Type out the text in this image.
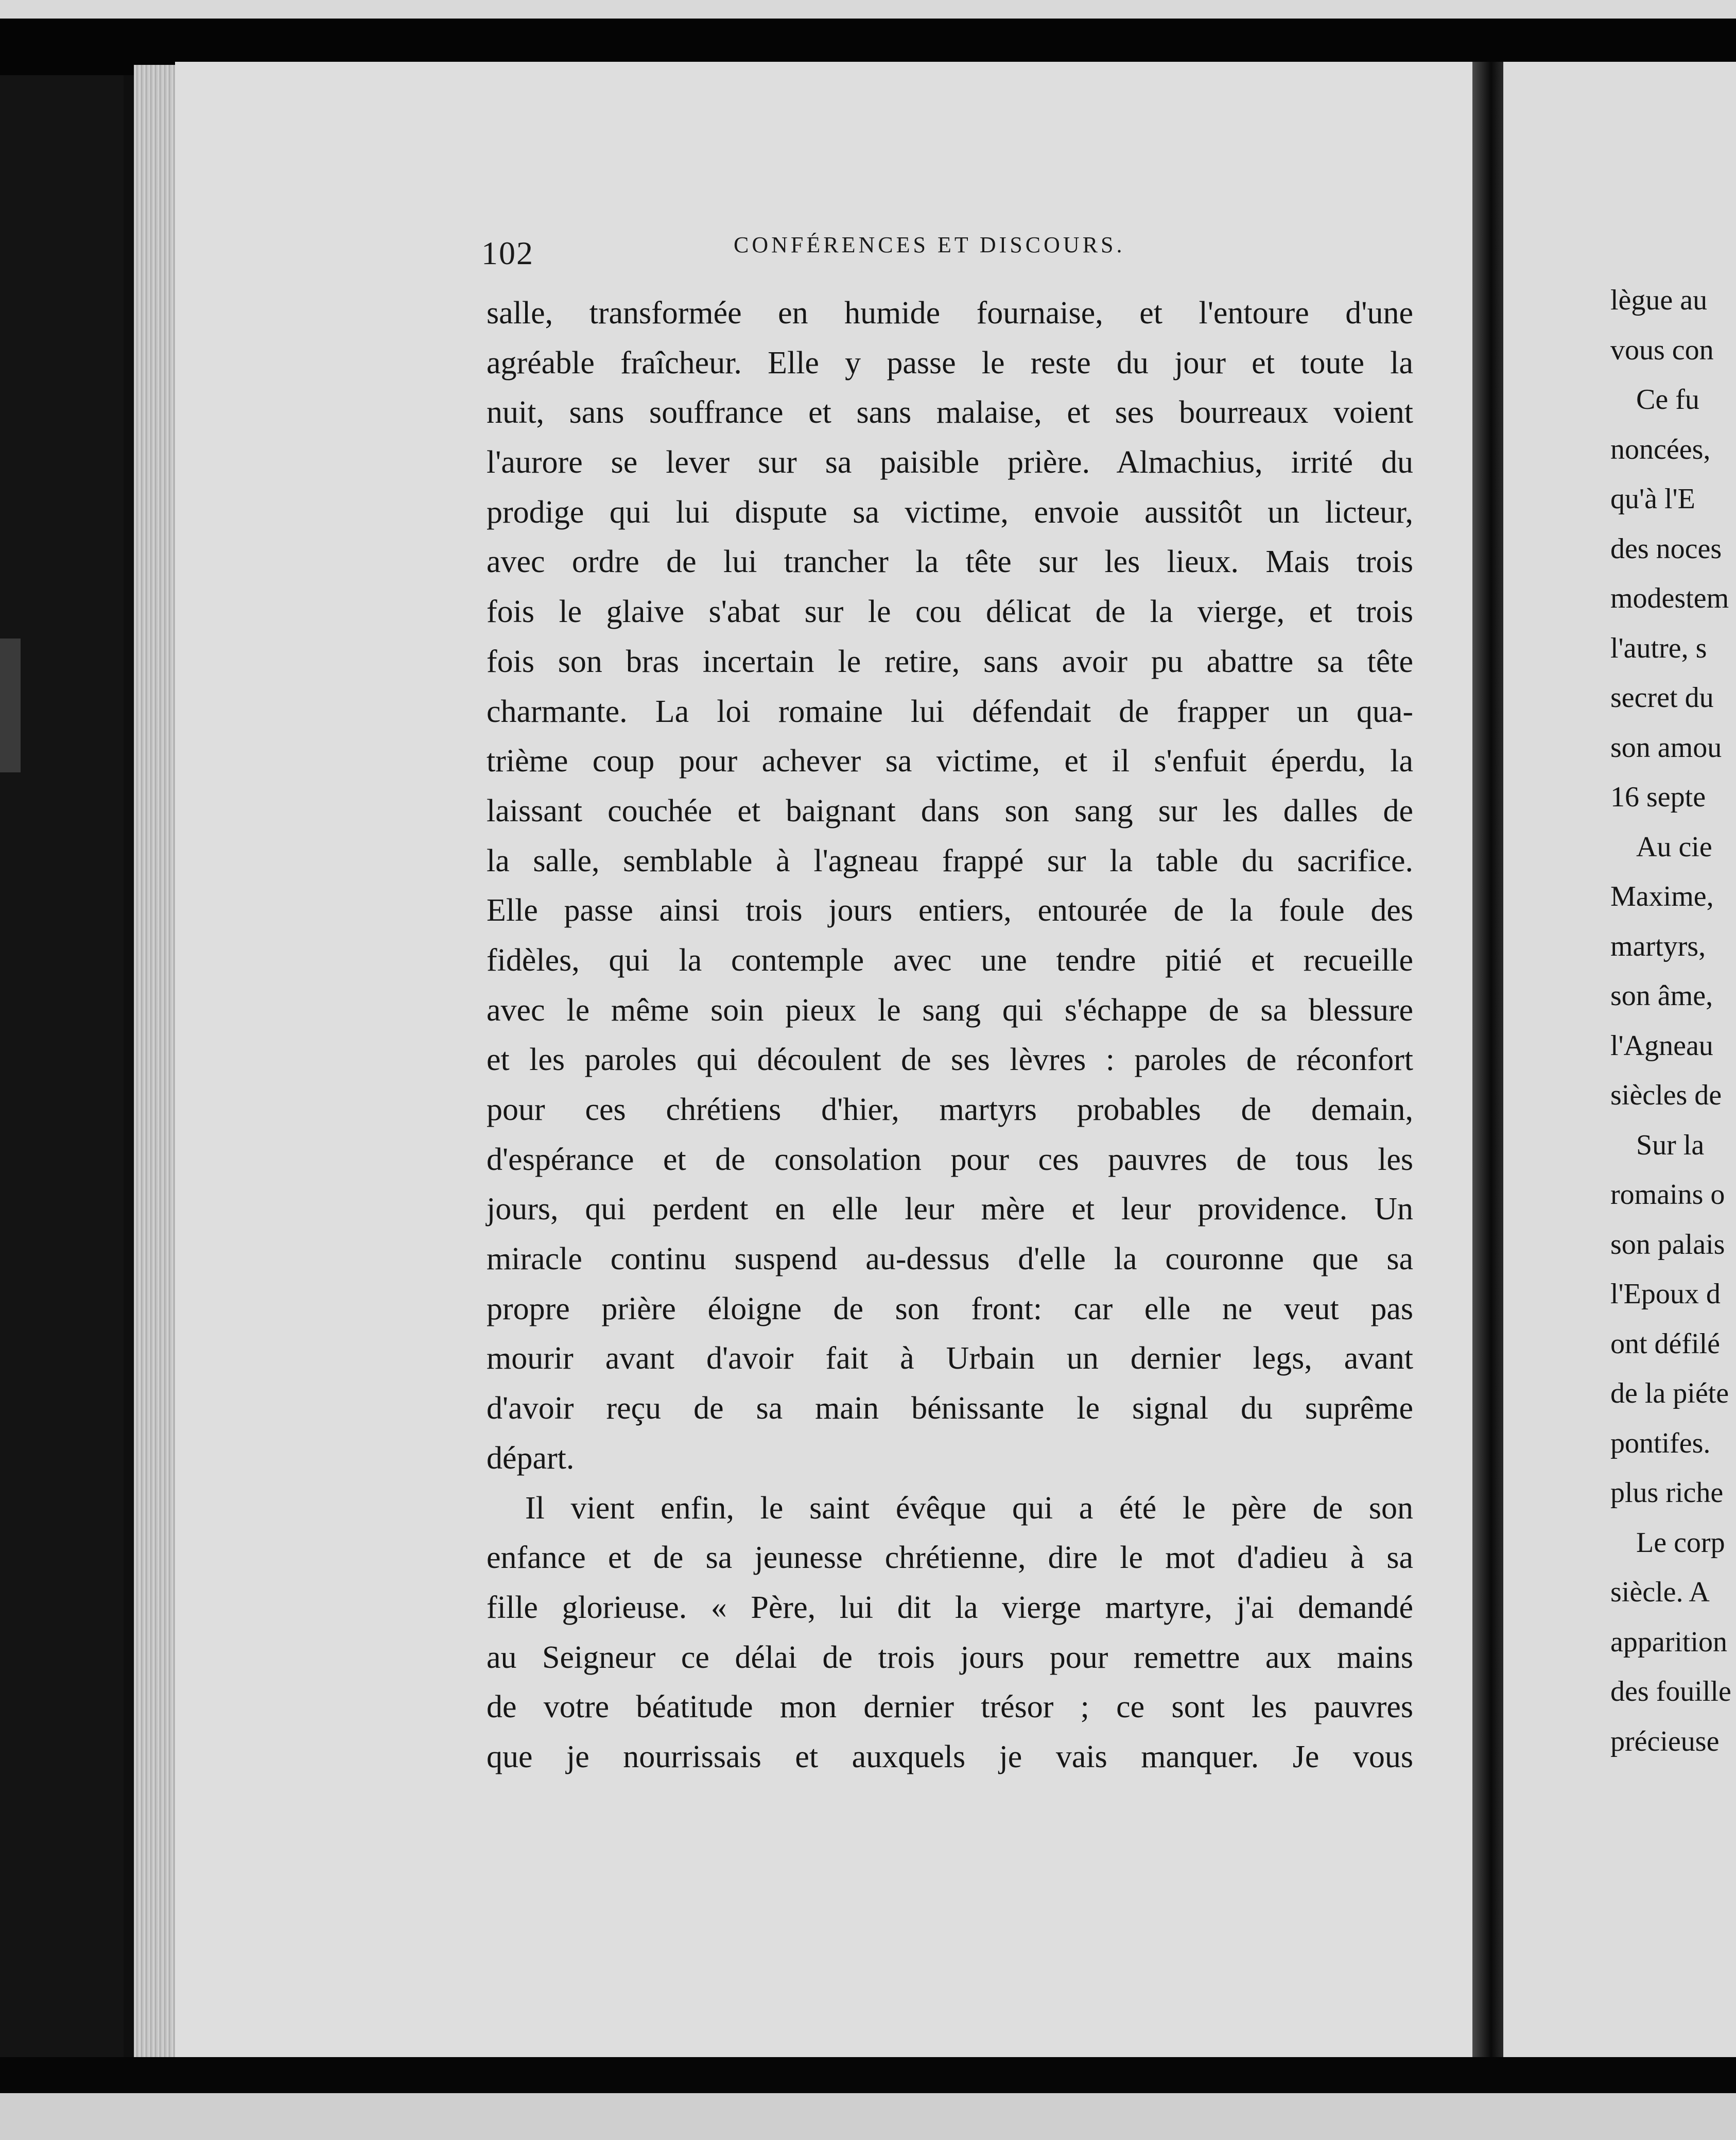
lègue au
vous con
Ce fu
noncées,
qu'à l'E
des noces
modestem
l'autre, s
secret du
son amou
16 septe
Au cie
Maxime,
martyrs,
son âme,
l'Agneau
siècles de
Sur la
romains o
son palais
l'Epoux d
ont défilé
de la piéte
pontifes.
plus riche
Le corp
siècle. A
apparition
des fouille
précieuse
102	CONFÉRENCES ET DISCOURS.
salle, transformée en humide fournaise, et l'entoure d'une
agréable fraîcheur. Elle y passe le reste du jour et toute la
nuit, sans souffrance et sans malaise, et ses bourreaux voient
l'aurore se lever sur sa paisible prière. Almachius, irrité du
prodige qui lui dispute sa victime, envoie aussitôt un licteur,
avec ordre de lui trancher la tête sur les lieux. Mais trois
fois le glaive s'abat sur le cou délicat de la vierge, et trois
fois son bras incertain le retire, sans avoir pu abattre sa tête
charmante. La loi romaine lui défendait de frapper un qua-
trième coup pour achever sa victime, et il s'enfuit éperdu, la
laissant couchée et baignant dans son sang sur les dalles de
la salle, semblable à l'agneau frappé sur la table du sacrifice.
Elle passe ainsi trois jours entiers, entourée de la foule des
fidèles, qui la contemple avec une tendre pitié et recueille
avec le même soin pieux le sang qui s'échappe de sa blessure
et les paroles qui découlent de ses lèvres : paroles de réconfort
pour ces chrétiens d'hier, martyrs probables de demain,
d'espérance et de consolation pour ces pauvres de tous les
jours, qui perdent en elle leur mère et leur providence. Un
miracle continu suspend au-dessus d'elle la couronne que sa
propre prière éloigne de son front: car elle ne veut pas
mourir avant d'avoir fait à Urbain un dernier legs, avant
d'avoir reçu de sa main bénissante le signal du suprême
départ.
Il vient enfin, le saint évêque qui a été le père de son
enfance et de sa jeunesse chrétienne, dire le mot d'adieu à sa
fille glorieuse. « Père, lui dit la vierge martyre, j'ai demandé
au Seigneur ce délai de trois jours pour remettre aux mains
de votre béatitude mon dernier trésor ; ce sont les pauvres
que je nourrissais et auxquels je vais manquer. Je vous
